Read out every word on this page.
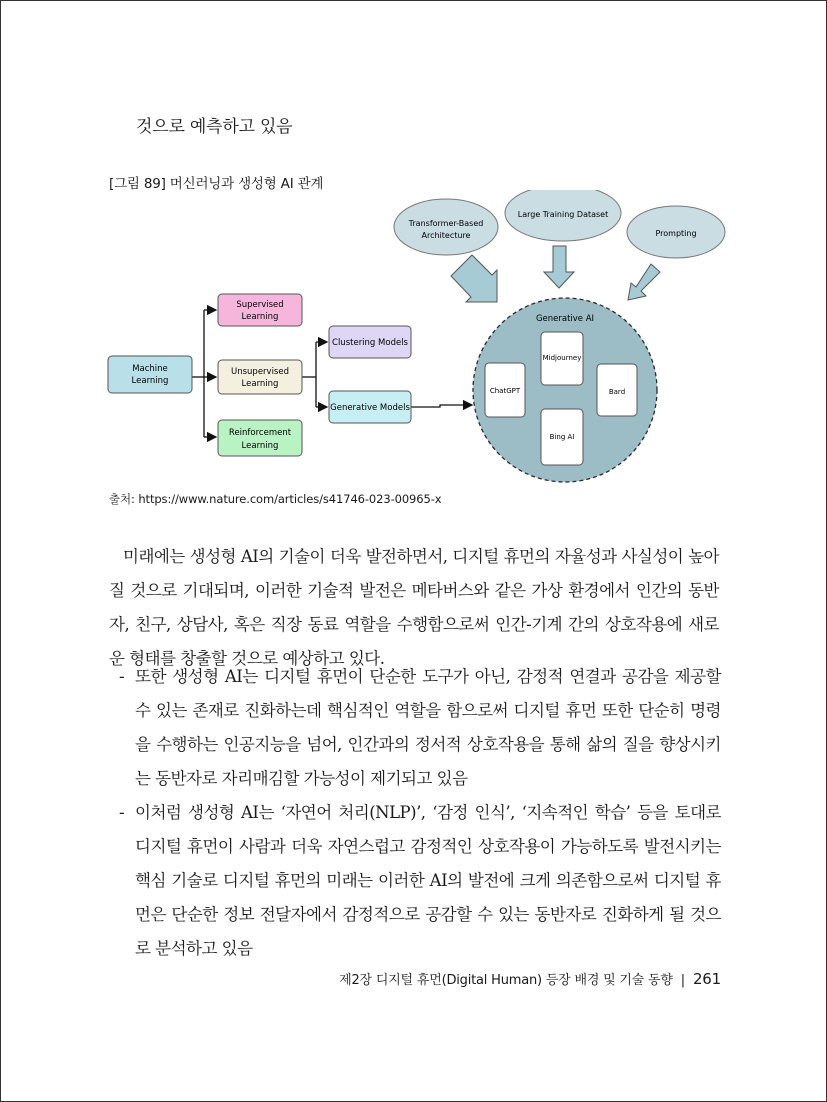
것으로 예측하고 있음
[그림 89] 머신러닝과 생성형 AI 관계
Machine
Learning
Supervised
Learning
Unsupervised
Learning
Reinforcement
Learning
Clustering Models
Generative Models
Transformer-Based
Architecture
Large Training Dataset
Prompting
Generative AI
ChatGPT
Midjourney
Bard
Bing AI
출처: https://www.nature.com/articles/s41746-023-00965-x

미래에는 생성형 AI의 기술이 더욱 발전하면서, 디지털 휴먼의 자율성과 사실성이 높아질 것으로 기대되며, 이러한 기술적 발전은 메타버스와 같은 가상 환경에서 인간의 동반자, 친구, 상담사, 혹은 직장 동료 역할을 수행함으로써 인간-기계 간의 상호작용에 새로운 형태를 창출할 것으로 예상하고 있다.

- 또한 생성형 AI는 디지털 휴먼이 단순한 도구가 아닌, 감정적 연결과 공감을 제공할 수 있는 존재로 진화하는데 핵심적인 역할을 함으로써 디지털 휴먼 또한 단순히 명령을 수행하는 인공지능을 넘어, 인간과의 정서적 상호작용을 통해 삶의 질을 향상시키는 동반자로 자리매김할 가능성이 제기되고 있음
- 이처럼 생성형 AI는 ‘자연어 처리(NLP)’, ‘감정 인식’, ‘지속적인 학습’ 등을 토대로 디지털 휴먼이 사람과 더욱 자연스럽고 감정적인 상호작용이 가능하도록 발전시키는 핵심 기술로 디지털 휴먼의 미래는 이러한 AI의 발전에 크게 의존함으로써 디지털 휴먼은 단순한 정보 전달자에서 감정적으로 공감할 수 있는 동반자로 진화하게 될 것으로 분석하고 있음
제2장 디지털 휴먼(Digital Human) 등장 배경 및 기술 동향 | 261
